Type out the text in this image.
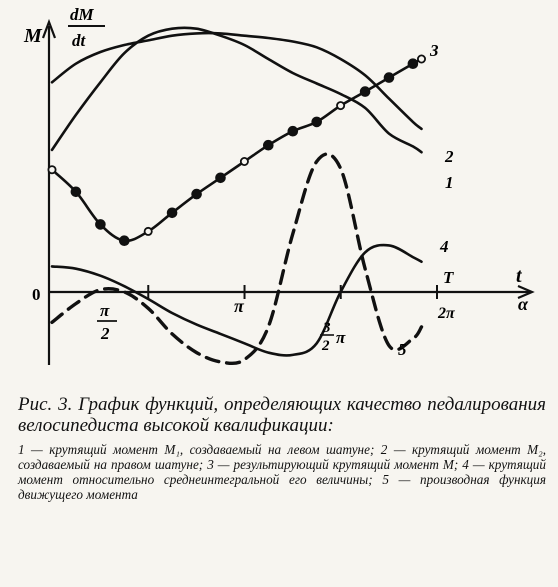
M
dM
dt
0
t
α
T
π
2
π
3
2 π
2π
1
2
3
4
5

Рис. 3. График функций, определяющих качество педалирования велосипедиста высокой квалификации:

1 — крутящий момент M₁, создаваемый на левом шатуне; 2 — крутящий момент M₂, создаваемый на правом шатуне; 3 — результирующий крутящий момент M; 4 — крутящий момент относительно среднеинтегральной его величины; 5 — производная функция движущего момента
